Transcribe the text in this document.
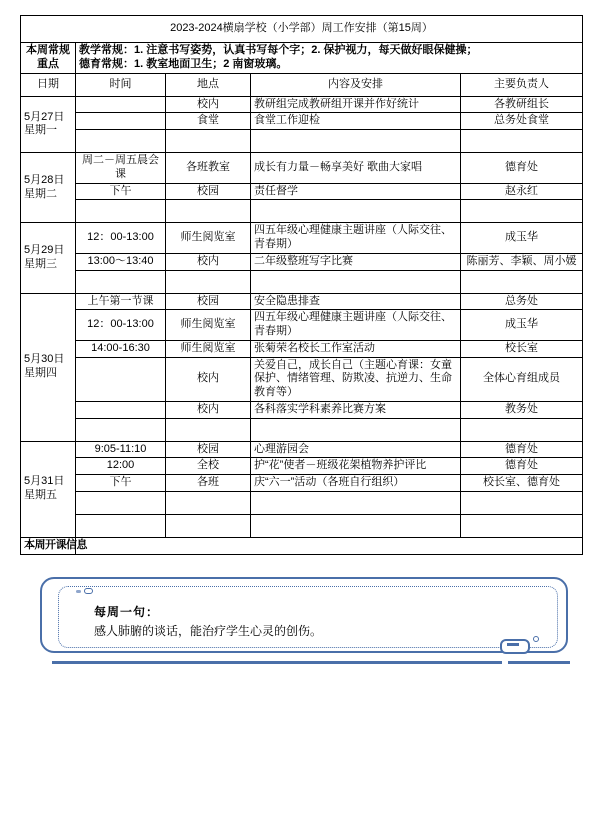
2023-2024横扇学校（小学部）周工作安排（第15周）				
本周常规重点	教学常规：1. 注意书写姿势，认真书写每个字；2. 保护视力，每天做好眼保健操；
德育常规：1. 教室地面卫生；2 南窗玻璃。			

日期	时间	地点	内容及安排	主要负责人
5月27日
星期一		校内	教研组完成教研组开课并作好统计	各教研组长
		食堂	食堂工作迎检	总务处食堂

5月28日
星期二	周二－周五晨会课	各班教室	成长有力量－畅享美好 歌曲大家唱	德育处
	下午	校园	责任督学	赵永红

5月29日
星期三	12：00-13:00	师生阅览室	四五年级心理健康主题讲座（人际交往、青春期）	成玉华
	13:00～13:40	校内	二年级整班写字比赛	陈丽芳、李颖、周小媛

5月30日
星期四	上午第一节课	校园	安全隐患排查	总务处
	12：00-13:00	师生阅览室	四五年级心理健康主题讲座（人际交往、青春期）	成玉华
	14:00-16:30	师生阅览室	张菊荣名校长工作室活动	校长室
		校内	关爱自己，成长自己（主题心育课：女童保护、情绪管理、防欺凌、抗逆力、生命教育等）	全体心育组成员
		校内	各科落实学科素养比赛方案	教务处

5月31日
星期五	9:05-11:10	校园	心理游园会	德育处
	12:00	全校	护“花”使者－班级花架植物养护评比	德育处
	下午	各班	庆“六一”活动（各班自行组织）	校长室、德育处

本周开课信息				
每周一句：
感人肺腑的谈话，能治疗学生心灵的创伤。
